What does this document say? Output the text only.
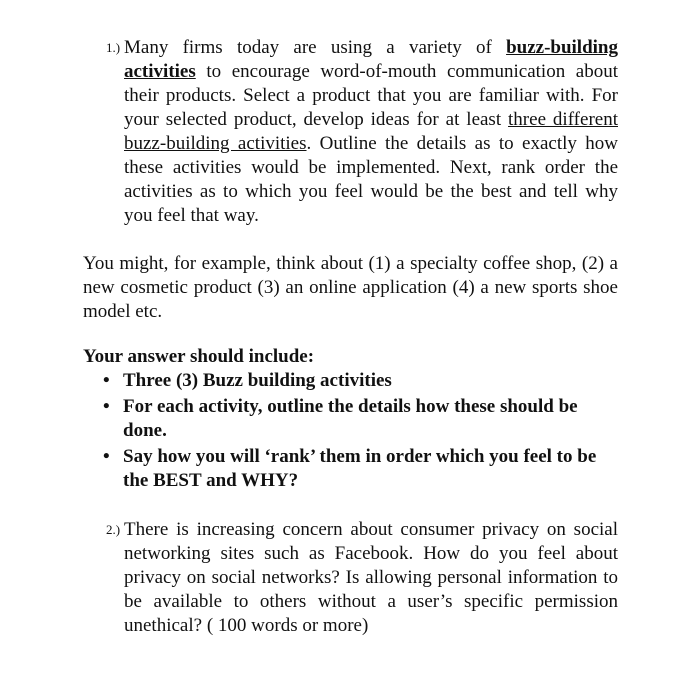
1.) Many firms today are using a variety of buzz-building activities to encourage word-of-mouth communication about their products. Select a product that you are familiar with. For your selected product, develop ideas for at least three different buzz-building activities. Outline the details as to exactly how these activities would be implemented. Next, rank order the activities as to which you feel would be the best and tell why you feel that way.
You might, for example, think about (1) a specialty coffee shop, (2) a new cosmetic product (3) an online application (4) a new sports shoe model etc.

Your answer should include:

• Three (3) Buzz building activities
• For each activity, outline the details how these should be done.
• Say how you will ‘rank’ them in order which you feel to be the BEST and WHY?
2.) There is increasing concern about consumer privacy on social networking sites such as Facebook. How do you feel about privacy on social networks? Is allowing personal information to be available to others without a user’s specific permission unethical? ( 100 words or more)
